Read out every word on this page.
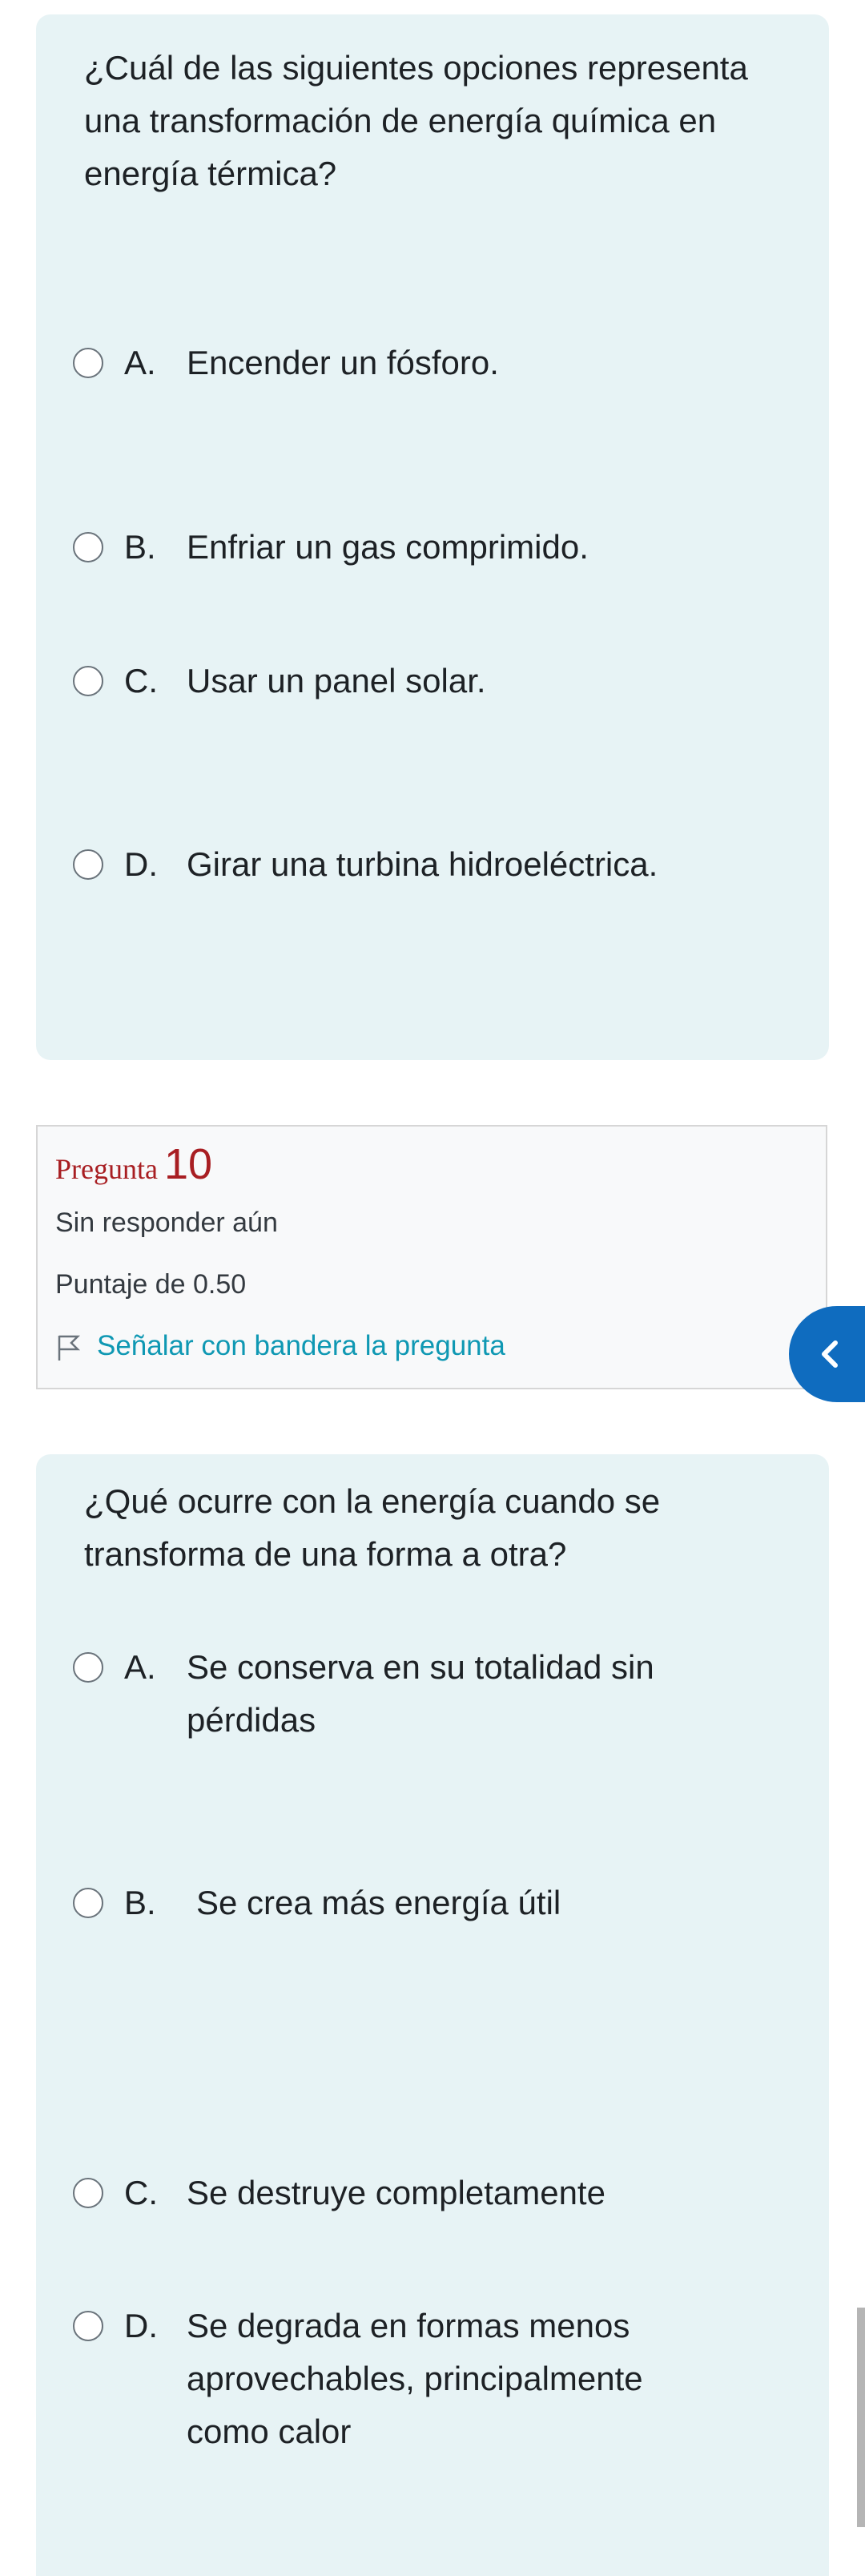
¿Cuál de las siguientes opciones representa una transformación de energía química en energía térmica?
A. Encender un fósforo.
B. Enfriar un gas comprimido.
C. Usar un panel solar.
D. Girar una turbina hidroeléctrica.
Pregunta 10
Sin responder aún
Puntaje de 0.50
Señalar con bandera la pregunta
¿Qué ocurre con la energía cuando se transforma de una forma a otra?
A. Se conserva en su totalidad sin pérdidas
B. Se crea más energía útil
C. Se destruye completamente
D. Se degrada en formas menos aprovechables, principalmente como calor
